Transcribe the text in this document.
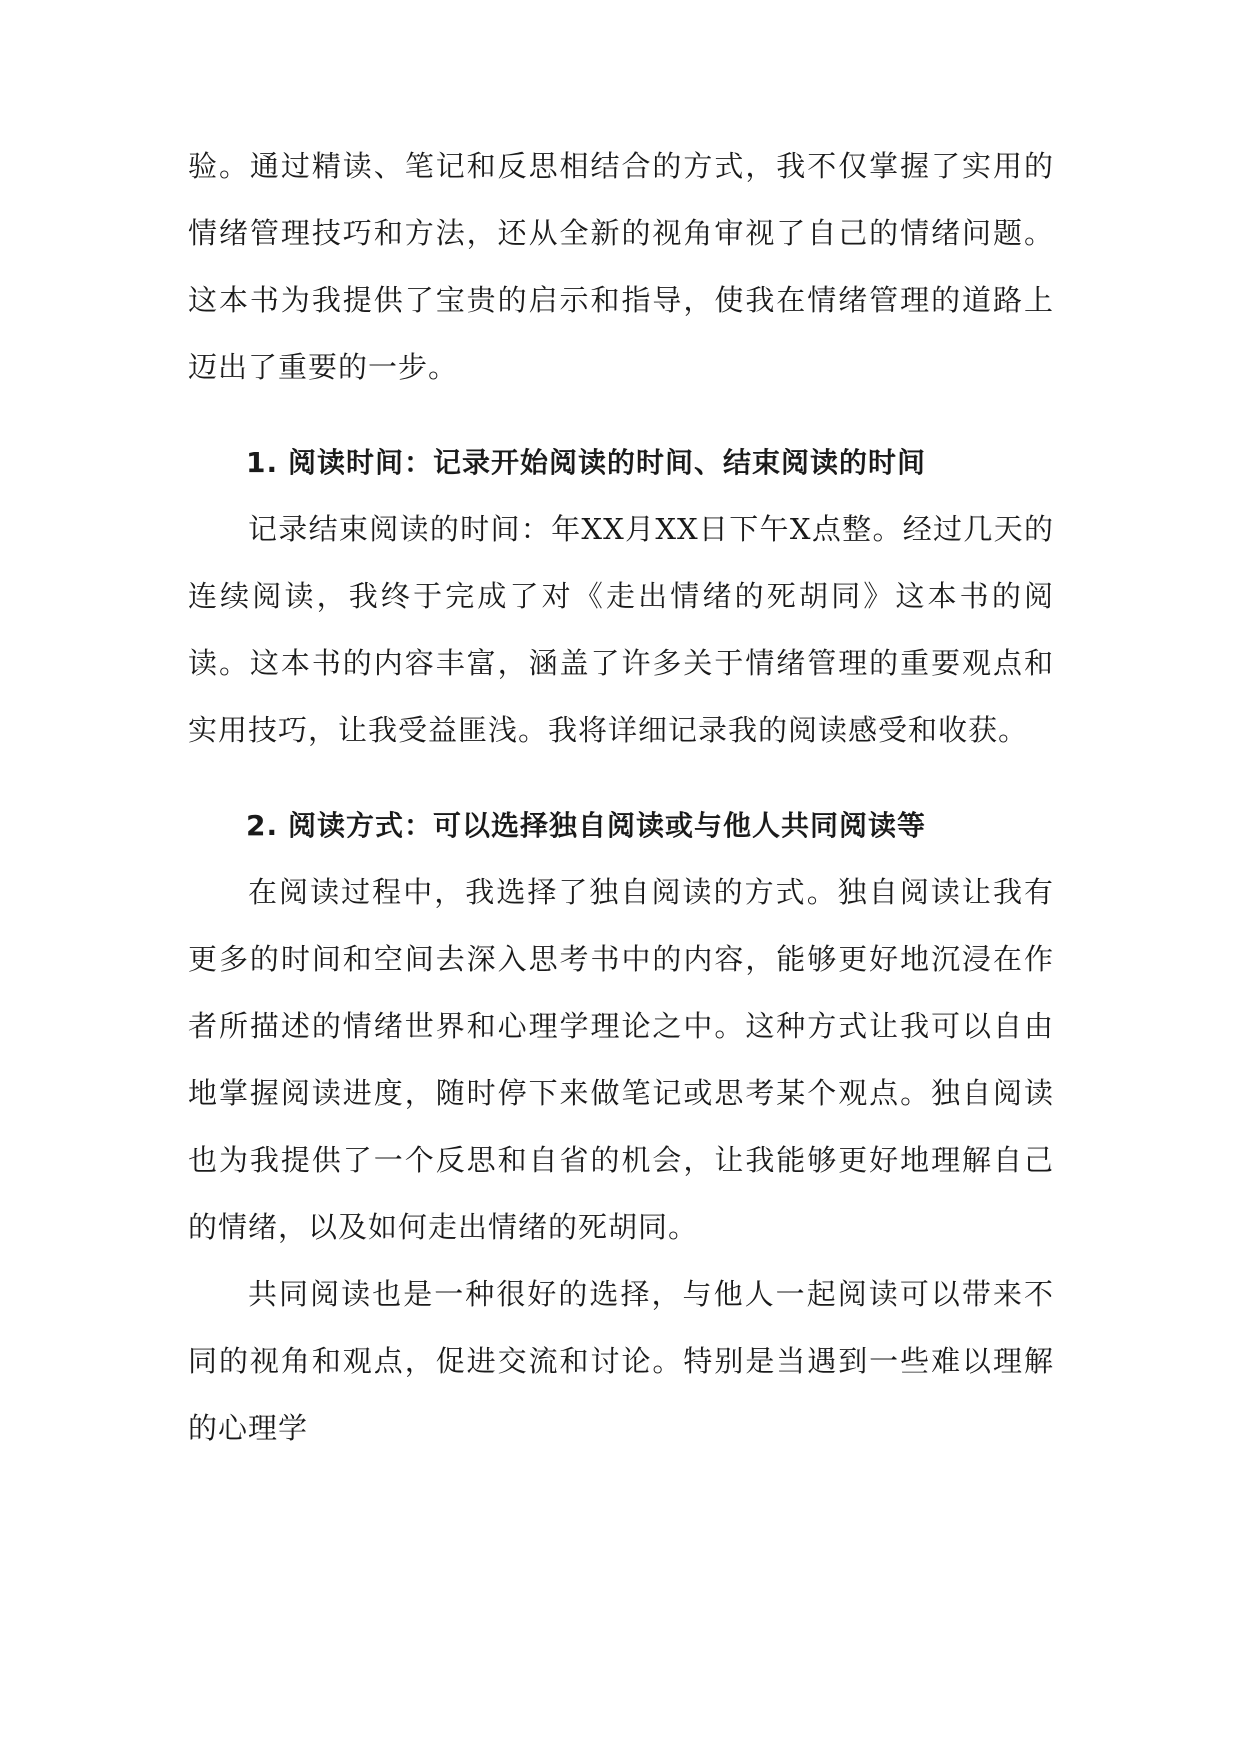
验。通过精读、笔记和反思相结合的方式，我不仅掌握了实用的情绪管理技巧和方法，还从全新的视角审视了自己的情绪问题。这本书为我提供了宝贵的启示和指导，使我在情绪管理的道路上迈出了重要的一步。

1. 阅读时间：记录开始阅读的时间、结束阅读的时间

记录结束阅读的时间：年XX月XX日下午X点整。经过几天的连续阅读，我终于完成了对《走出情绪的死胡同》这本书的阅读。这本书的内容丰富，涵盖了许多关于情绪管理的重要观点和实用技巧，让我受益匪浅。我将详细记录我的阅读感受和收获。

2. 阅读方式：可以选择独自阅读或与他人共同阅读等

在阅读过程中，我选择了独自阅读的方式。独自阅读让我有更多的时间和空间去深入思考书中的内容，能够更好地沉浸在作者所描述的情绪世界和心理学理论之中。这种方式让我可以自由地掌握阅读进度，随时停下来做笔记或思考某个观点。独自阅读也为我提供了一个反思和自省的机会，让我能够更好地理解自己的情绪，以及如何走出情绪的死胡同。

共同阅读也是一种很好的选择，与他人一起阅读可以带来不同的视角和观点，促进交流和讨论。特别是当遇到一些难以理解的心理学
